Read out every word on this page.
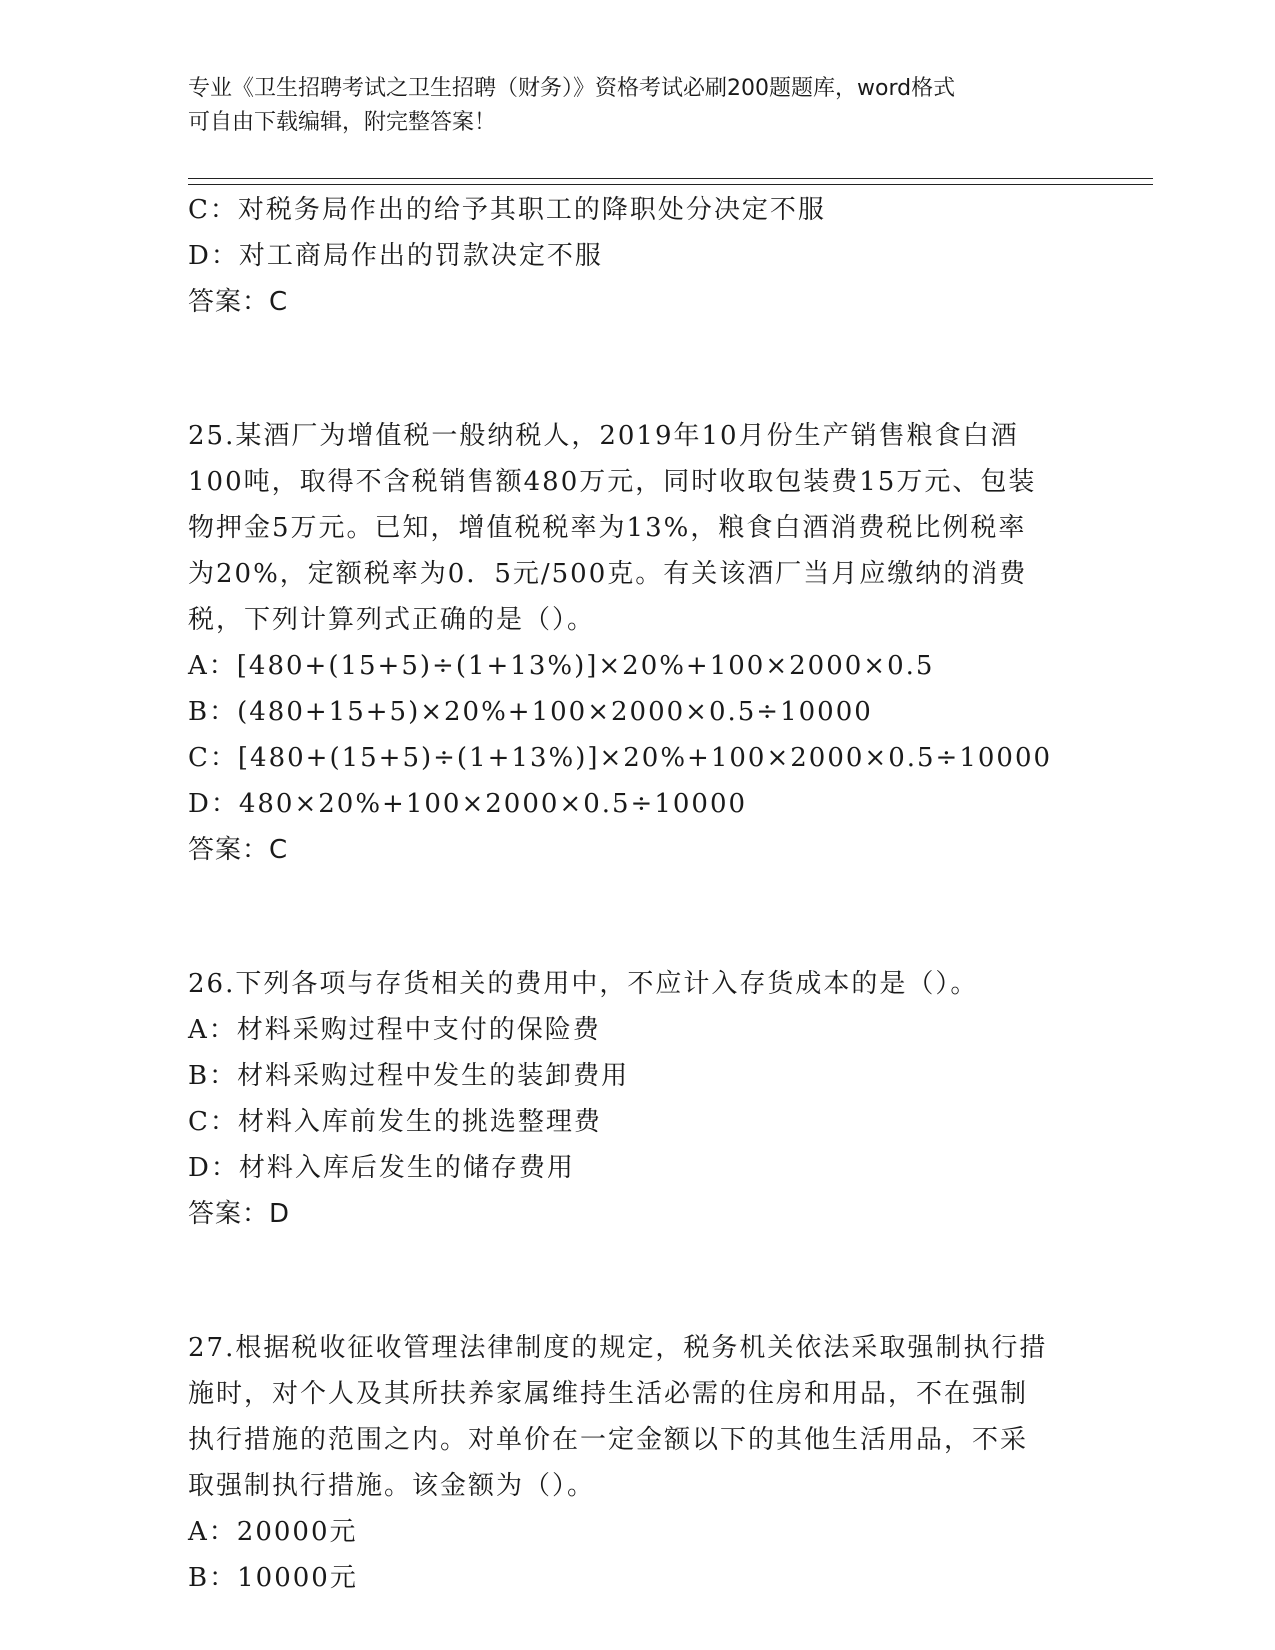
专业《卫生招聘考试之卫生招聘（财务）》资格考试必刷200题题库，word格式
可自由下载编辑，附完整答案！
C：对税务局作出的给予其职工的降职处分决定不服
D：对工商局作出的罚款决定不服
答案：C
25.某酒厂为增值税一般纳税人，2019年10月份生产销售粮食白酒
100吨，取得不含税销售额480万元，同时收取包装费15万元、包装
物押金5万元。已知，增值税税率为13%，粮食白酒消费税比例税率
为20%，定额税率为0．5元/500克。有关该酒厂当月应缴纳的消费
税，下列计算列式正确的是（）。
A：[480+(15+5)÷(1+13%)]×20%+100×2000×0.5
B：(480+15+5)×20%+100×2000×0.5÷10000
C：[480+(15+5)÷(1+13%)]×20%+100×2000×0.5÷10000
D：480×20%+100×2000×0.5÷10000
答案：C
26.下列各项与存货相关的费用中，不应计入存货成本的是（）。
A：材料采购过程中支付的保险费
B：材料采购过程中发生的装卸费用
C：材料入库前发生的挑选整理费
D：材料入库后发生的储存费用
答案：D
27.根据税收征收管理法律制度的规定，税务机关依法采取强制执行措
施时，对个人及其所扶养家属维持生活必需的住房和用品，不在强制
执行措施的范围之内。对单价在一定金额以下的其他生活用品，不采
取强制执行措施。该金额为（）。
A：20000元
B：10000元
